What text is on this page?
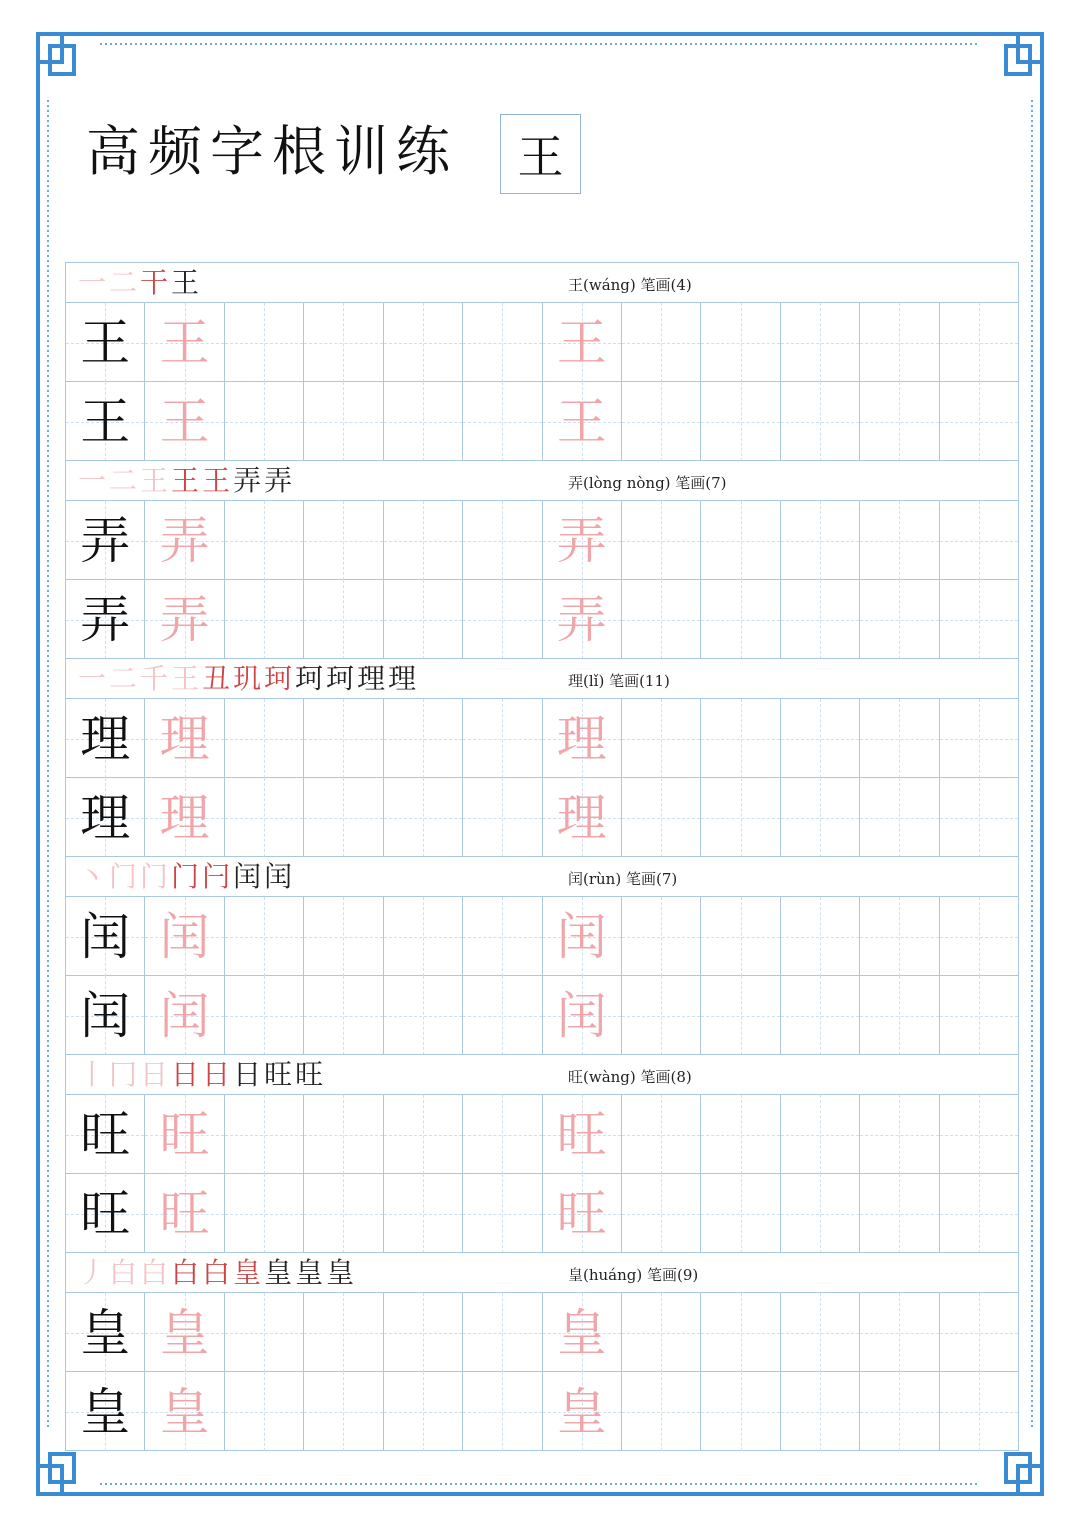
高频字根训练 王
一 二 干 王	王(wáng) 笔画(4)
王 王	王
王 王	王
一 二 王 王 王 弄 弄	弄(lòng nòng) 笔画(7)
弄 弄	弄
弄 弄	弄
一 二 千 王 丑 玑 珂 珂 珂 理 理	理(lǐ) 笔画(11)
理 理	理
理 理	理
丶 门 门 门 闩 闰 闰	闰(rùn) 笔画(7)
闰 闰	闰
闰 闰	闰
丨 冂 日 日 日 日 旺 旺	旺(wàng) 笔画(8)
旺 旺	旺
旺 旺	旺
丿 白 白 白 白 皇 皇 皇 皇	皇(huáng) 笔画(9)
皇 皇	皇
皇 皇	皇
